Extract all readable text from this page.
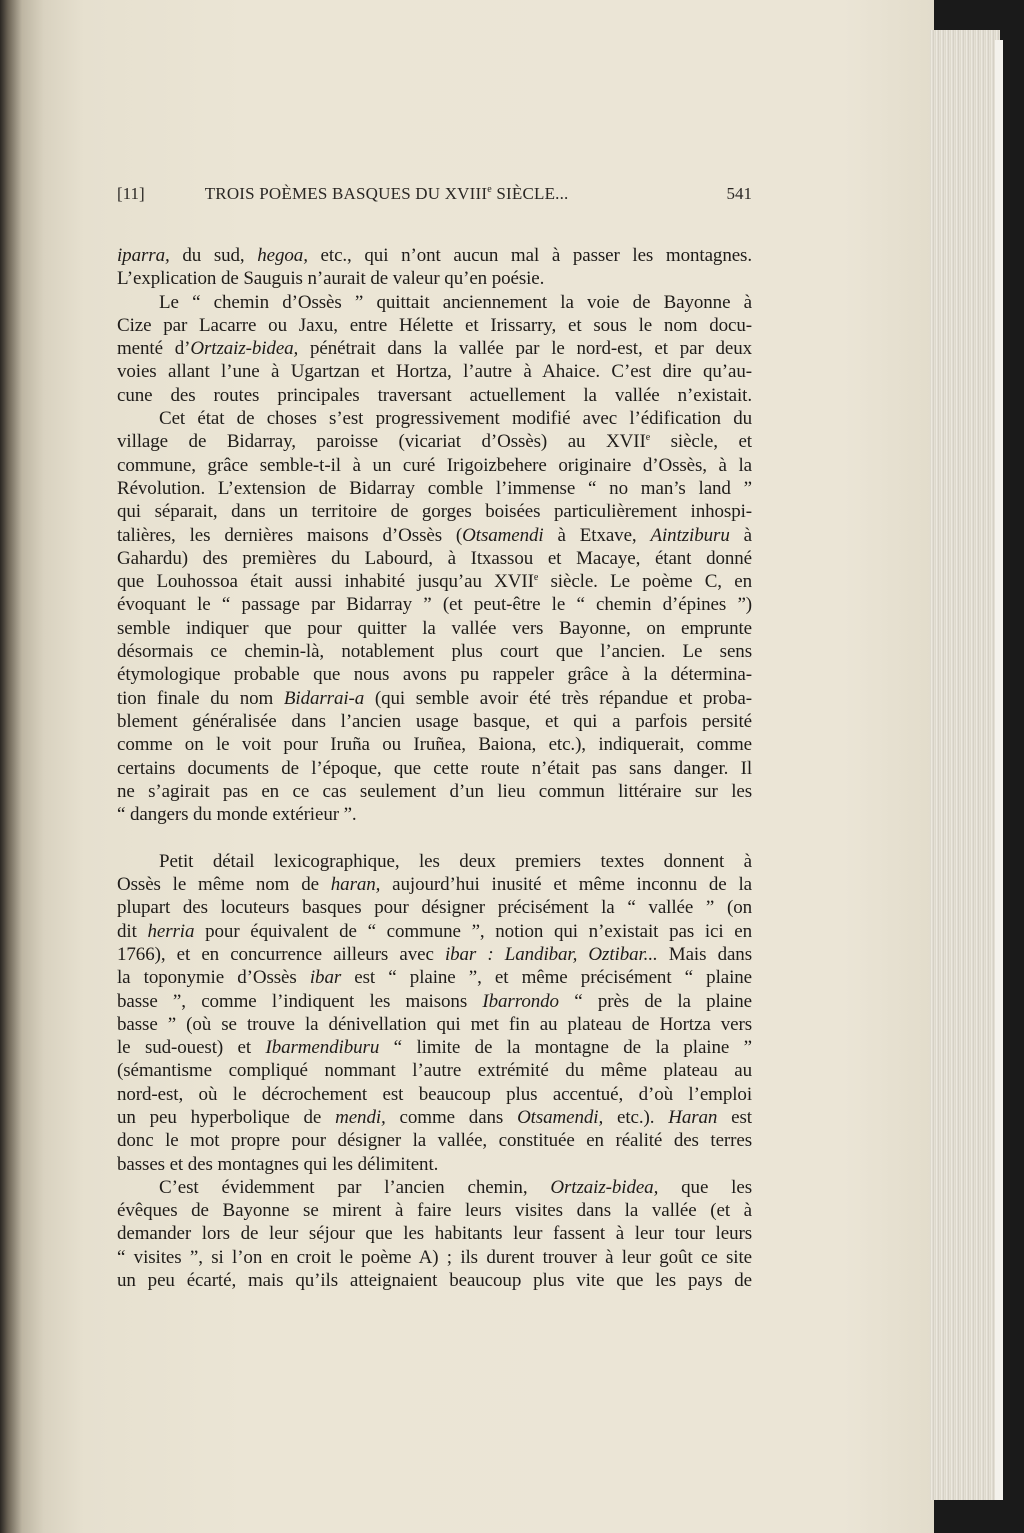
[11]	TROIS POÈMES BASQUES DU XVIIIe SIÈCLE...	541
iparra, du sud, hegoa, etc., qui n’ont aucun mal à passer les montagnes.
L’explication de Sauguis n’aurait de valeur qu’en poésie.
Le “ chemin d’Ossès ” quittait anciennement la voie de Bayonne à
Cize par Lacarre ou Jaxu, entre Hélette et Irissarry, et sous le nom docu-
menté d’Ortzaiz-bidea, pénétrait dans la vallée par le nord-est, et par deux
voies allant l’une à Ugartzan et Hortza, l’autre à Ahaice. C’est dire qu’au-
cune des routes principales traversant actuellement la vallée n’existait.
Cet état de choses s’est progressivement modifié avec l’édification du
village de Bidarray, paroisse (vicariat d’Ossès) au XVIIe siècle, et
commune, grâce semble-t-il à un curé Irigoizbehere originaire d’Ossès, à la
Révolution. L’extension de Bidarray comble l’immense “ no man’s land ”
qui séparait, dans un territoire de gorges boisées particulièrement inhospi-
talières, les dernières maisons d’Ossès (Otsamendi à Etxave, Aintziburu à
Gahardu) des premières du Labourd, à Itxassou et Macaye, étant donné
que Louhossoa était aussi inhabité jusqu’au XVIIe siècle. Le poème C, en
évoquant le “ passage par Bidarray ” (et peut-être le “ chemin d’épines ”)
semble indiquer que pour quitter la vallée vers Bayonne, on emprunte
désormais ce chemin-là, notablement plus court que l’ancien. Le sens
étymologique probable que nous avons pu rappeler grâce à la détermina-
tion finale du nom Bidarrai-a (qui semble avoir été très répandue et proba-
blement généralisée dans l’ancien usage basque, et qui a parfois persité
comme on le voit pour Iruña ou Iruñea, Baiona, etc.), indiquerait, comme
certains documents de l’époque, que cette route n’était pas sans danger. Il
ne s’agirait pas en ce cas seulement d’un lieu commun littéraire sur les
“ dangers du monde extérieur ”.
Petit détail lexicographique, les deux premiers textes donnent à
Ossès le même nom de haran, aujourd’hui inusité et même inconnu de la
plupart des locuteurs basques pour désigner précisément la “ vallée ” (on
dit herria pour équivalent de “ commune ”, notion qui n’existait pas ici en
1766), et en concurrence ailleurs avec ibar : Landibar, Oztibar... Mais dans
la toponymie d’Ossès ibar est “ plaine ”, et même précisément “ plaine
basse ”, comme l’indiquent les maisons Ibarrondo “ près de la plaine
basse ” (où se trouve la dénivellation qui met fin au plateau de Hortza vers
le sud-ouest) et Ibarmendiburu “ limite de la montagne de la plaine ”
(sémantisme compliqué nommant l’autre extrémité du même plateau au
nord-est, où le décrochement est beaucoup plus accentué, d’où l’emploi
un peu hyperbolique de mendi, comme dans Otsamendi, etc.). Haran est
donc le mot propre pour désigner la vallée, constituée en réalité des terres
basses et des montagnes qui les délimitent.
C’est évidemment par l’ancien chemin, Ortzaiz-bidea, que les
évêques de Bayonne se mirent à faire leurs visites dans la vallée (et à
demander lors de leur séjour que les habitants leur fassent à leur tour leurs
“ visites ”, si l’on en croit le poème A) ; ils durent trouver à leur goût ce site
un peu écarté, mais qu’ils atteignaient beaucoup plus vite que les pays de
